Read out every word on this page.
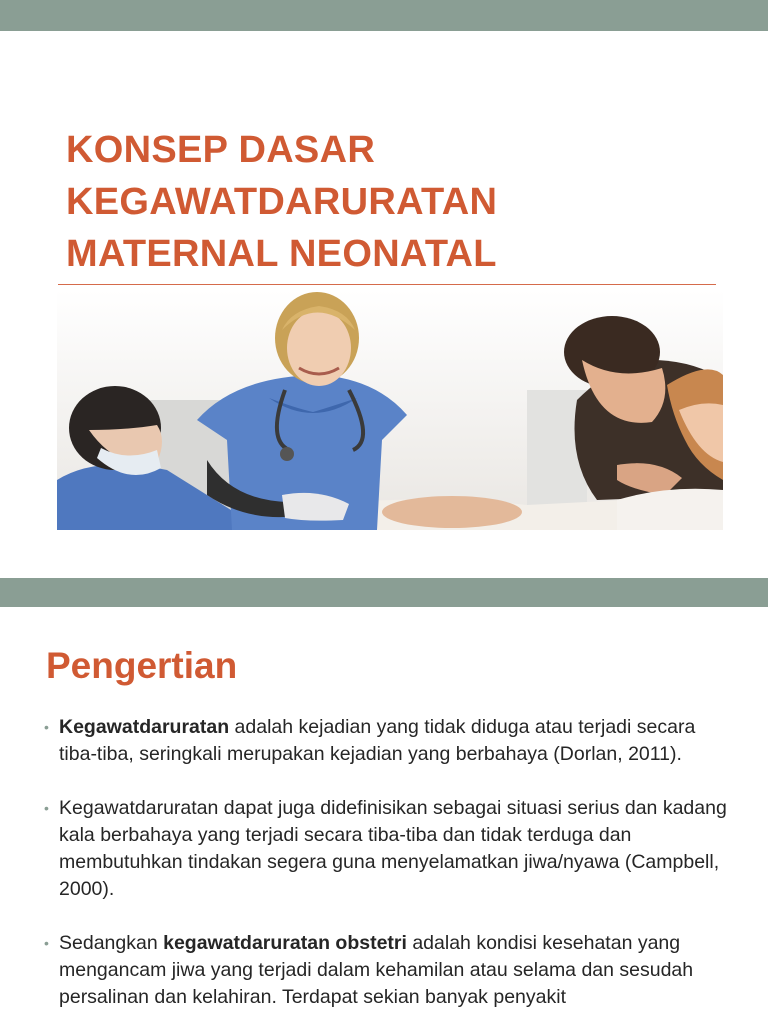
KONSEP DASAR
KEGAWATDARURATAN
MATERNAL NEONATAL
Pengertian
• Kegawatdaruratan adalah kejadian yang tidak diduga atau terjadi secara tiba-tiba, seringkali merupakan kejadian yang berbahaya (Dorlan, 2011).
• Kegawatdaruratan dapat juga didefinisikan sebagai situasi serius dan kadang kala berbahaya yang terjadi secara tiba-tiba dan tidak terduga dan membutuhkan tindakan segera guna menyelamatkan jiwa/nyawa (Campbell, 2000).
• Sedangkan kegawatdaruratan obstetri adalah kondisi kesehatan yang mengancam jiwa yang terjadi dalam kehamilan atau selama dan sesudah persalinan dan kelahiran. Terdapat sekian banyak penyakit
